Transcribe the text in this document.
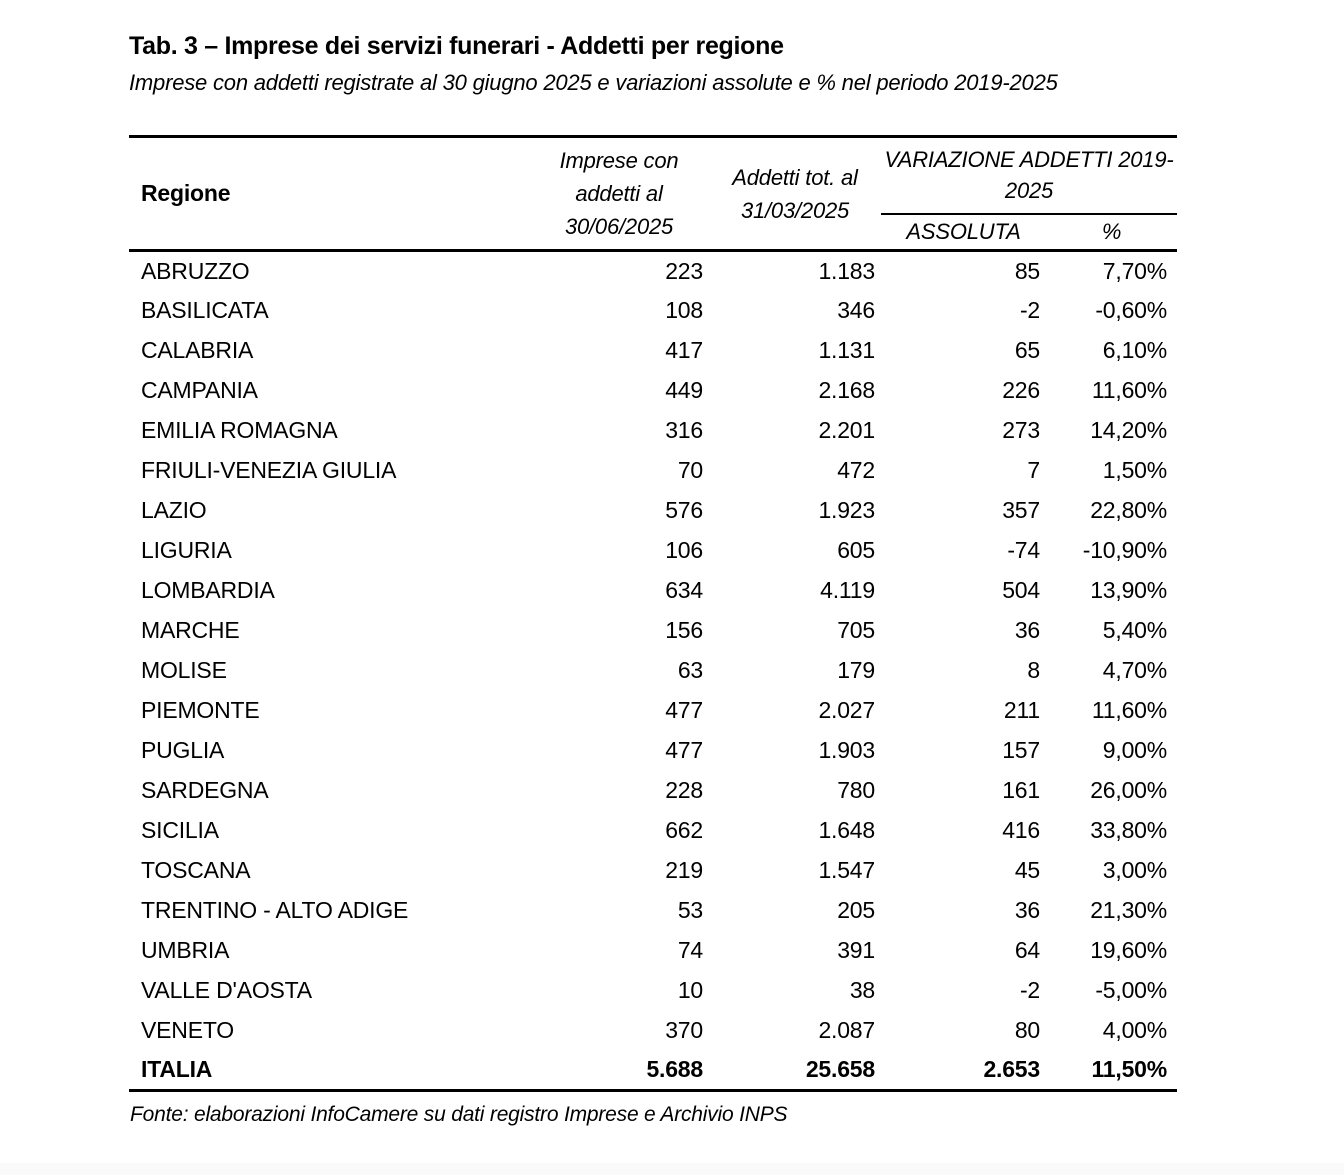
Tab. 3 – Imprese dei servizi funerari - Addetti per regione

Imprese con addetti registrate al 30 giugno 2025 e variazioni assolute e % nel periodo 2019-2025

Regione	Imprese con addetti al 30/06/2025	Addetti tot. al 31/03/2025	VARIAZIONE ADDETTI 2019-2025	
			ASSOLUTA	%
ABRUZZO	223	1.183	85	7,70%
BASILICATA	108	346	-2	-0,60%
CALABRIA	417	1.131	65	6,10%
CAMPANIA	449	2.168	226	11,60%
EMILIA ROMAGNA	316	2.201	273	14,20%
FRIULI-VENEZIA GIULIA	70	472	7	1,50%
LAZIO	576	1.923	357	22,80%
LIGURIA	106	605	-74	-10,90%
LOMBARDIA	634	4.119	504	13,90%
MARCHE	156	705	36	5,40%
MOLISE	63	179	8	4,70%
PIEMONTE	477	2.027	211	11,60%
PUGLIA	477	1.903	157	9,00%
SARDEGNA	228	780	161	26,00%
SICILIA	662	1.648	416	33,80%
TOSCANA	219	1.547	45	3,00%
TRENTINO - ALTO ADIGE	53	205	36	21,30%
UMBRIA	74	391	64	19,60%
VALLE D'AOSTA	10	38	-2	-5,00%
VENETO	370	2.087	80	4,00%
ITALIA	5.688	25.658	2.653	11,50%

Fonte: elaborazioni InfoCamere su dati registro Imprese e Archivio INPS
